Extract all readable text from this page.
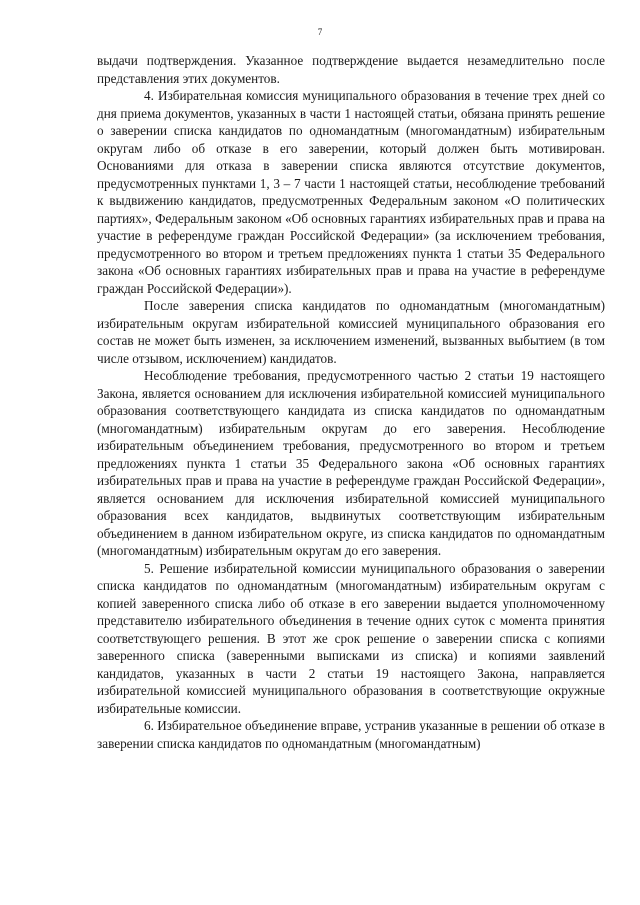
7

выдачи подтверждения. Указанное подтверждение выдается незамедлительно после представления этих документов.

4. Избирательная комиссия муниципального образования в течение трех дней со дня приема документов, указанных в части 1 настоящей статьи, обязана принять решение о заверении списка кандидатов по одномандатным (многомандатным) избирательным округам либо об отказе в его заверении, который должен быть мотивирован. Основаниями для отказа в заверении списка являются отсутствие документов, предусмотренных пунктами 1, 3 – 7 части 1 настоящей статьи, несоблюдение требований к выдвижению кандидатов, предусмотренных Федеральным законом «О политических партиях», Федеральным законом «Об основных гарантиях избирательных прав и права на участие в референдуме граждан Российской Федерации» (за исключением требования, предусмотренного во втором и третьем предложениях пункта 1 статьи 35 Федерального закона «Об основных гарантиях избирательных прав и права на участие в референдуме граждан Российской Федерации»).

После заверения списка кандидатов по одномандатным (многомандатным) избирательным округам избирательной комиссией муниципального образования его состав не может быть изменен, за исключением изменений, вызванных выбытием (в том числе отзывом, исключением) кандидатов.

Несоблюдение требования, предусмотренного частью 2 статьи 19 настоящего Закона, является основанием для исключения избирательной комиссией муниципального образования соответствующего кандидата из списка кандидатов по одномандатным (многомандатным) избирательным округам до его заверения. Несоблюдение избирательным объединением требования, предусмотренного во втором и третьем предложениях пункта 1 статьи 35 Федерального закона «Об основных гарантиях избирательных прав и права на участие в референдуме граждан Российской Федерации», является основанием для исключения избирательной комиссией муниципального образования всех кандидатов, выдвинутых соответствующим избирательным объединением в данном избирательном округе, из списка кандидатов по одномандатным (многомандатным) избирательным округам до его заверения.

5. Решение избирательной комиссии муниципального образования о заверении списка кандидатов по одномандатным (многомандатным) избирательным округам с копией заверенного списка либо об отказе в его заверении выдается уполномоченному представителю избирательного объединения в течение одних суток с момента принятия соответствующего решения. В этот же срок решение о заверении списка с копиями заверенного списка (заверенными выписками из списка) и копиями заявлений кандидатов, указанных в части 2 статьи 19 настоящего Закона, направляется избирательной комиссией муниципального образования в соответствующие окружные избирательные комиссии.

6. Избирательное объединение вправе, устранив указанные в решении об отказе в заверении списка кандидатов по одномандатным (многомандатным)
